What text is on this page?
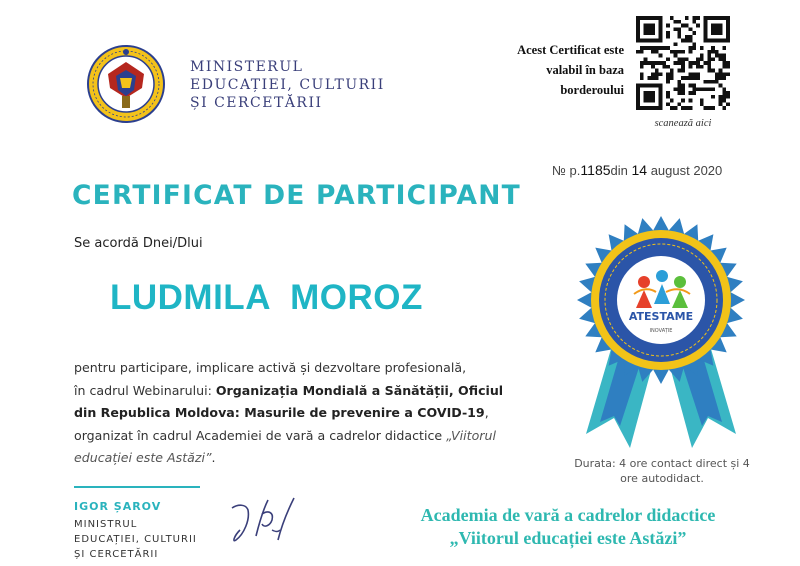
MINISTERUL
EDUCAȚIEI, CULTURII
ȘI CERCETĂRII
Acest Certificat este
valabil în baza
borderoului
scanează aici
№ p.1185din 14 august 2020
CERTIFICAT DE PARTICIPANT
Se acordă Dnei/Dlui
LUDMILA  MOROZ
pentru participare, implicare activă și dezvoltare profesională,
în cadrul Webinarului: Organizația Mondială a Sănătății, Oficiul
din Republica Moldova: Masurile de prevenire a COVID-19,
organizat în cadrul Academiei de vară a cadrelor didactice „Viitorul
educației este Astăzi”.
IGOR ȘAROV
MINISTRUL
EDUCAȚIEI, CULTURII
ȘI CERCETĂRII
ATESTAME
INOVAȚIE
Durata: 4 ore contact direct și 4 ore autodidact.
Academia de vară a cadrelor didactice
„Viitorul educației este Astăzi”
